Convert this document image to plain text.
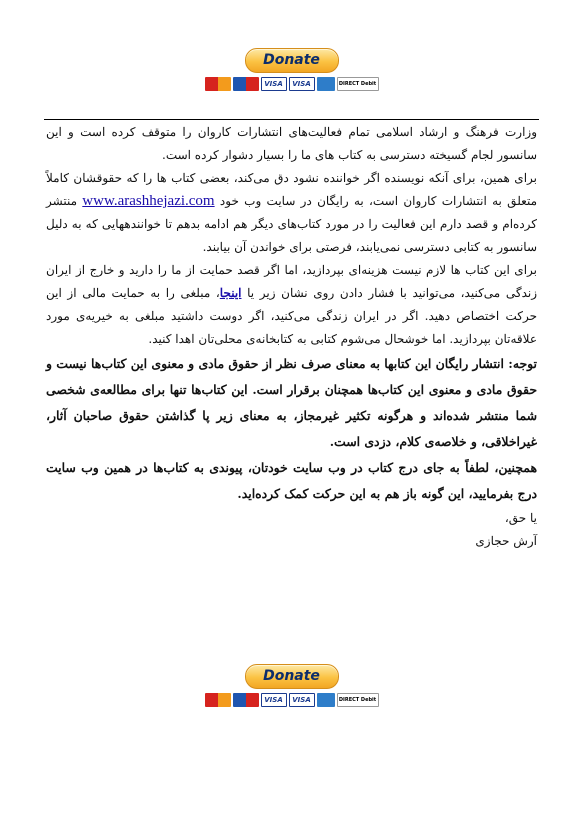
Donate
VISA	VISA	DIRECT Debit

وزارت فرهنگ و ارشاد اسلامی تمام فعالیت‌های انتشارات کاروان را متوقف کرده است و این سانسور لجام گسیخته دسترسی به کتاب های ما را بسیار دشوار کرده است.

برای همین، برای آنکه نویسنده اگر خواننده نشود دق می‌کند، بعضی کتاب ها را که حقوقشان کاملاً متعلق به انتشارات کاروان است، به رایگان در سایت وب خود www.arashhejazi.com منتشر کرده‌ام و قصد دارم این فعالیت را در مورد کتاب‌های دیگر هم ادامه بدهم تا خوانندههایی که به دلیل سانسور به کتابی دسترسی نمی‌یابند، فرصتی برای خواندن آن بیابند.

برای این کتاب ها لازم نیست هزینه‌ای بپردازید، اما اگر قصد حمایت از ما را دارید و خارج از ایران زندگی می‌کنید، می‌توانید با فشار دادن روی نشان زیر یا اینجا، مبلغی را به حمایت مالی از این حرکت اختصاص دهید. اگر در ایران زندگی می‌کنید، اگر دوست داشتید مبلغی به خیریه‌ی مورد علاقه‌تان بپردازید. اما خوشحال می‌شوم کتابی به کتابخانه‌ی محلی‌تان اهدا کنید.

توجه: انتشار رایگان این کتابها به معنای صرف نظر از حقوق مادی و معنوی این کتاب‌ها نیست و حقوق مادی و معنوی این کتاب‌ها همچنان برقرار است. این کتاب‌ها تنها برای مطالعه‌ی شخصی شما منتشر شده‌اند و هرگونه تکثیر غیرمجاز، به معنای زیر پا گذاشتن حقوق صاحبان آثار، غیراخلاقی، و خلاصه‌ی کلام، دزدی است.

همچنین، لطفاً به جای درج کتاب در وب سایت خودتان، پیوندی به کتاب‌ها در همین وب سایت درج بفرمایید، این گونه باز هم به این حرکت کمک کرده‌اید.

یا حق،

آرش حجازی

Donate
VISA	VISA	DIRECT Debit
